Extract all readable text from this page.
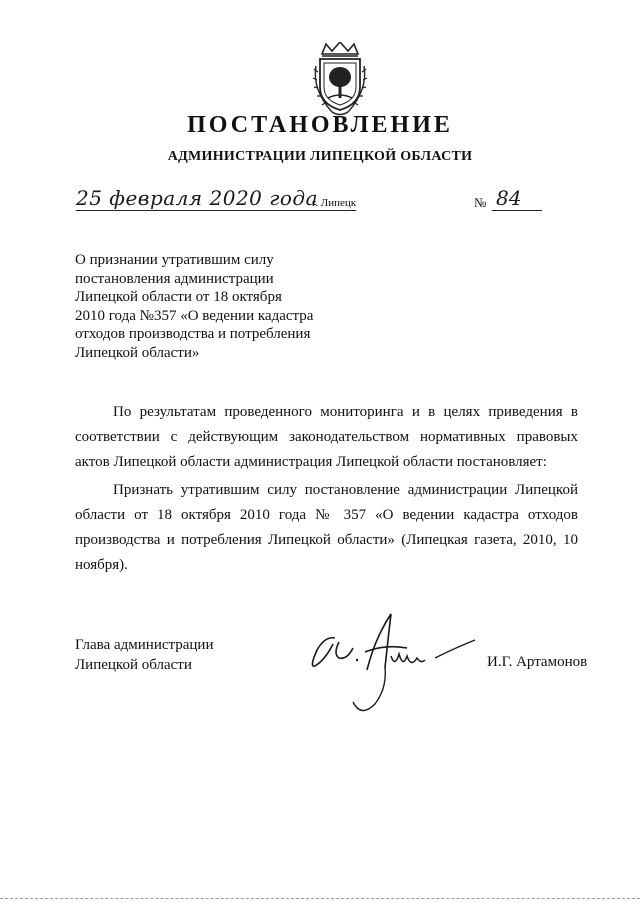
ПОСТАНОВЛЕНИЕ
АДМИНИСТРАЦИИ ЛИПЕЦКОЙ ОБЛАСТИ
25 февраля 2020 года
г. Липецк	№ 84
О признании утратившим силу
постановления администрации
Липецкой области от 18 октября
2010 года №357 «О ведении кадастра
отходов производства и потребления
Липецкой области»
По результатам проведенного мониторинга и в целях приведения в соответствии с действующим законодательством нормативных правовых актов Липецкой области администрация Липецкой области постановляет:
Признать утратившим силу постановление администрации Липецкой области от 18 октября 2010 года № 357 «О ведении кадастра отходов производства и потребления Липецкой области» (Липецкая газета, 2010, 10 ноября).
Глава администрации
Липецкой области	И.Г. Артамонов
